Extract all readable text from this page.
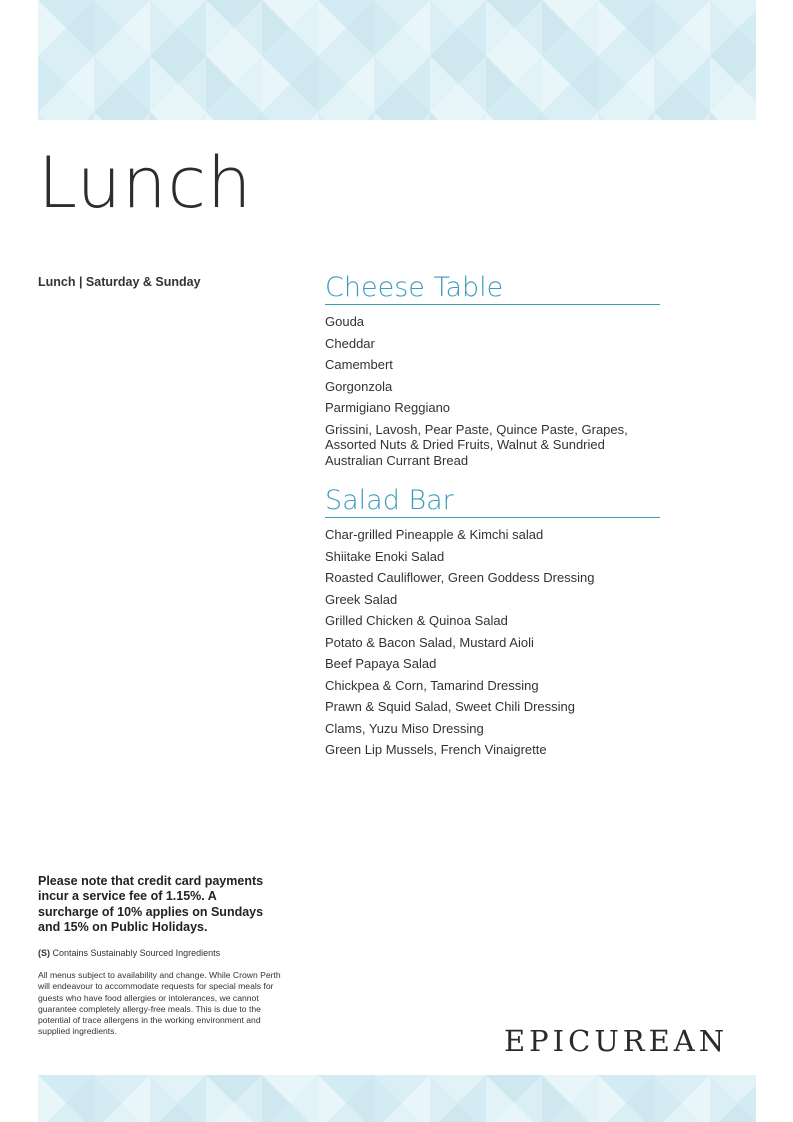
Lunch

Lunch | Saturday & Sunday	Cheese Table
Gouda
Cheddar
Camembert
Gorgonzola
Parmigiano Reggiano
Grissini, Lavosh, Pear Paste, Quince Paste, Grapes, Assorted Nuts & Dried Fruits, Walnut & Sundried Australian Currant Bread
Salad Bar
Char-grilled Pineapple & Kimchi salad
Shiitake Enoki Salad
Roasted Cauliflower, Green Goddess Dressing
Greek Salad
Grilled Chicken & Quinoa Salad
Potato & Bacon Salad, Mustard Aioli
Beef Papaya Salad
Chickpea & Corn, Tamarind Dressing
Prawn & Squid Salad, Sweet Chili Dressing
Clams, Yuzu Miso Dressing
Green Lip Mussels, French Vinaigrette

Please note that credit card payments incur a service fee of 1.15%. A surcharge of 10% applies on Sundays and 15% on Public Holidays.

(S) Contains Sustainably Sourced Ingredients

All menus subject to availability and change. While Crown Perth will endeavour to accommodate requests for special meals for guests who have food allergies or intolerances, we cannot guarantee completely allergy-free meals. This is due to the potential of trace allergens in the working environment and supplied ingredients.	EPICUREAN
